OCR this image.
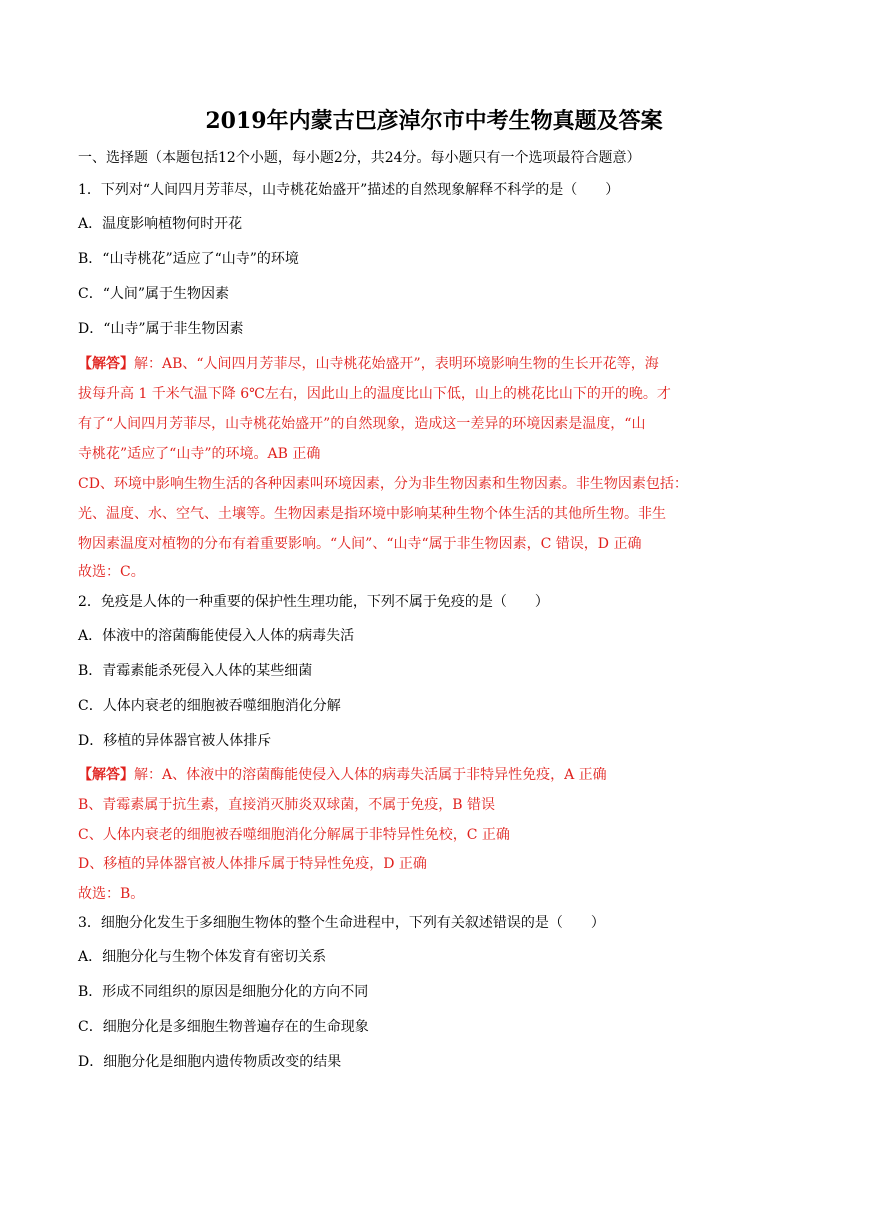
2019年内蒙古巴彦淖尔市中考生物真题及答案
一、选择题（本题包括12个小题，每小题2分，共24分。每小题只有一个选项最符合题意）
1．下列对“人间四月芳菲尽，山寺桃花始盛开”描述的自然现象解释不科学的是（　　）
A．温度影响植物何时开花
B．“山寺桃花”适应了“山寺”的环境
C．“人间”属于生物因素
D．“山寺”属于非生物因素
【解答】解：AB、“人间四月芳菲尽，山寺桃花始盛开”，表明环境影响生物的生长开花等，海
拔每升高 1 千米气温下降 6℃左右，因此山上的温度比山下低，山上的桃花比山下的开的晚。才
有了“人间四月芳菲尽，山寺桃花始盛开”的自然现象，造成这一差异的环境因素是温度，“山
寺桃花”适应了“山寺”的环境。AB 正确
CD、环境中影响生物生活的各种因素叫环境因素，分为非生物因素和生物因素。非生物因素包括：
光、温度、水、空气、土壤等。生物因素是指环境中影响某种生物个体生活的其他所生物。非生
物因素温度对植物的分布有着重要影响。“人间”、“山寺“属于非生物因素，C 错误，D 正确
故选：C。
2．免疫是人体的一种重要的保护性生理功能，下列不属于免疫的是（　　）
A．体液中的溶菌酶能使侵入人体的病毒失活
B．青霉素能杀死侵入人体的某些细菌
C．人体内衰老的细胞被吞噬细胞消化分解
D．移植的异体器官被人体排斥
【解答】解：A、体液中的溶菌酶能使侵入人体的病毒失活属于非特异性免疫，A 正确
B、青霉素属于抗生素，直接消灭肺炎双球菌，不属于免疫，B 错误
C、人体内衰老的细胞被吞噬细胞消化分解属于非特异性免校，C 正确
D、移植的异体器官被人体排斥属于特异性免疫，D 正确
故选：B。
3．细胞分化发生于多细胞生物体的整个生命进程中，下列有关叙述错误的是（　　）
A．细胞分化与生物个体发育有密切关系
B．形成不同组织的原因是细胞分化的方向不同
C．细胞分化是多细胞生物普遍存在的生命现象
D．细胞分化是细胞内遗传物质改变的结果
